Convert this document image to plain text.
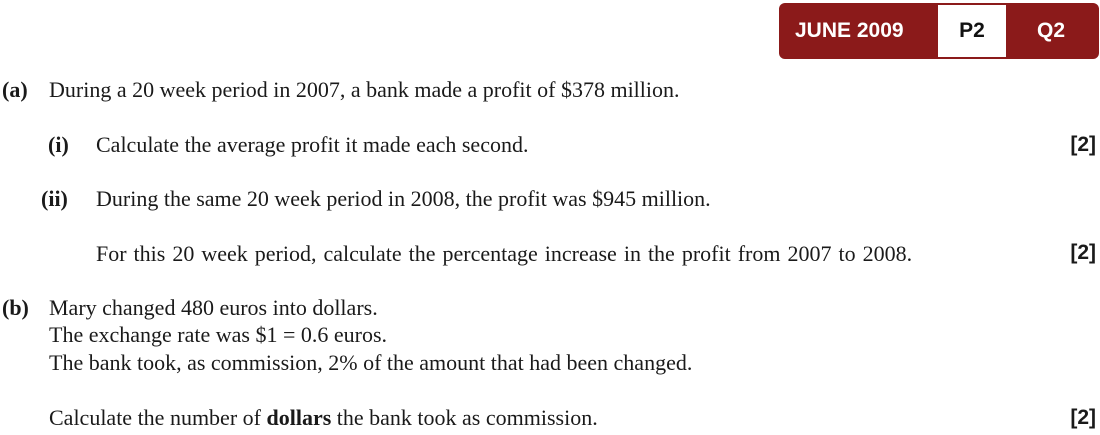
JUNE 2009	P2	Q2
(a) During a 20 week period in 2007, a bank made a profit of $378 million.
(i) Calculate the average profit it made each second.	[2]
(ii) During the same 20 week period in 2008, the profit was $945 million.
For this 20 week period, calculate the percentage increase in the profit from 2007 to 2008.	[2]
(b) Mary changed 480 euros into dollars.
The exchange rate was $1 = 0.6 euros.
The bank took, as commission, 2% of the amount that had been changed.
Calculate the number of dollars the bank took as commission.	[2]
